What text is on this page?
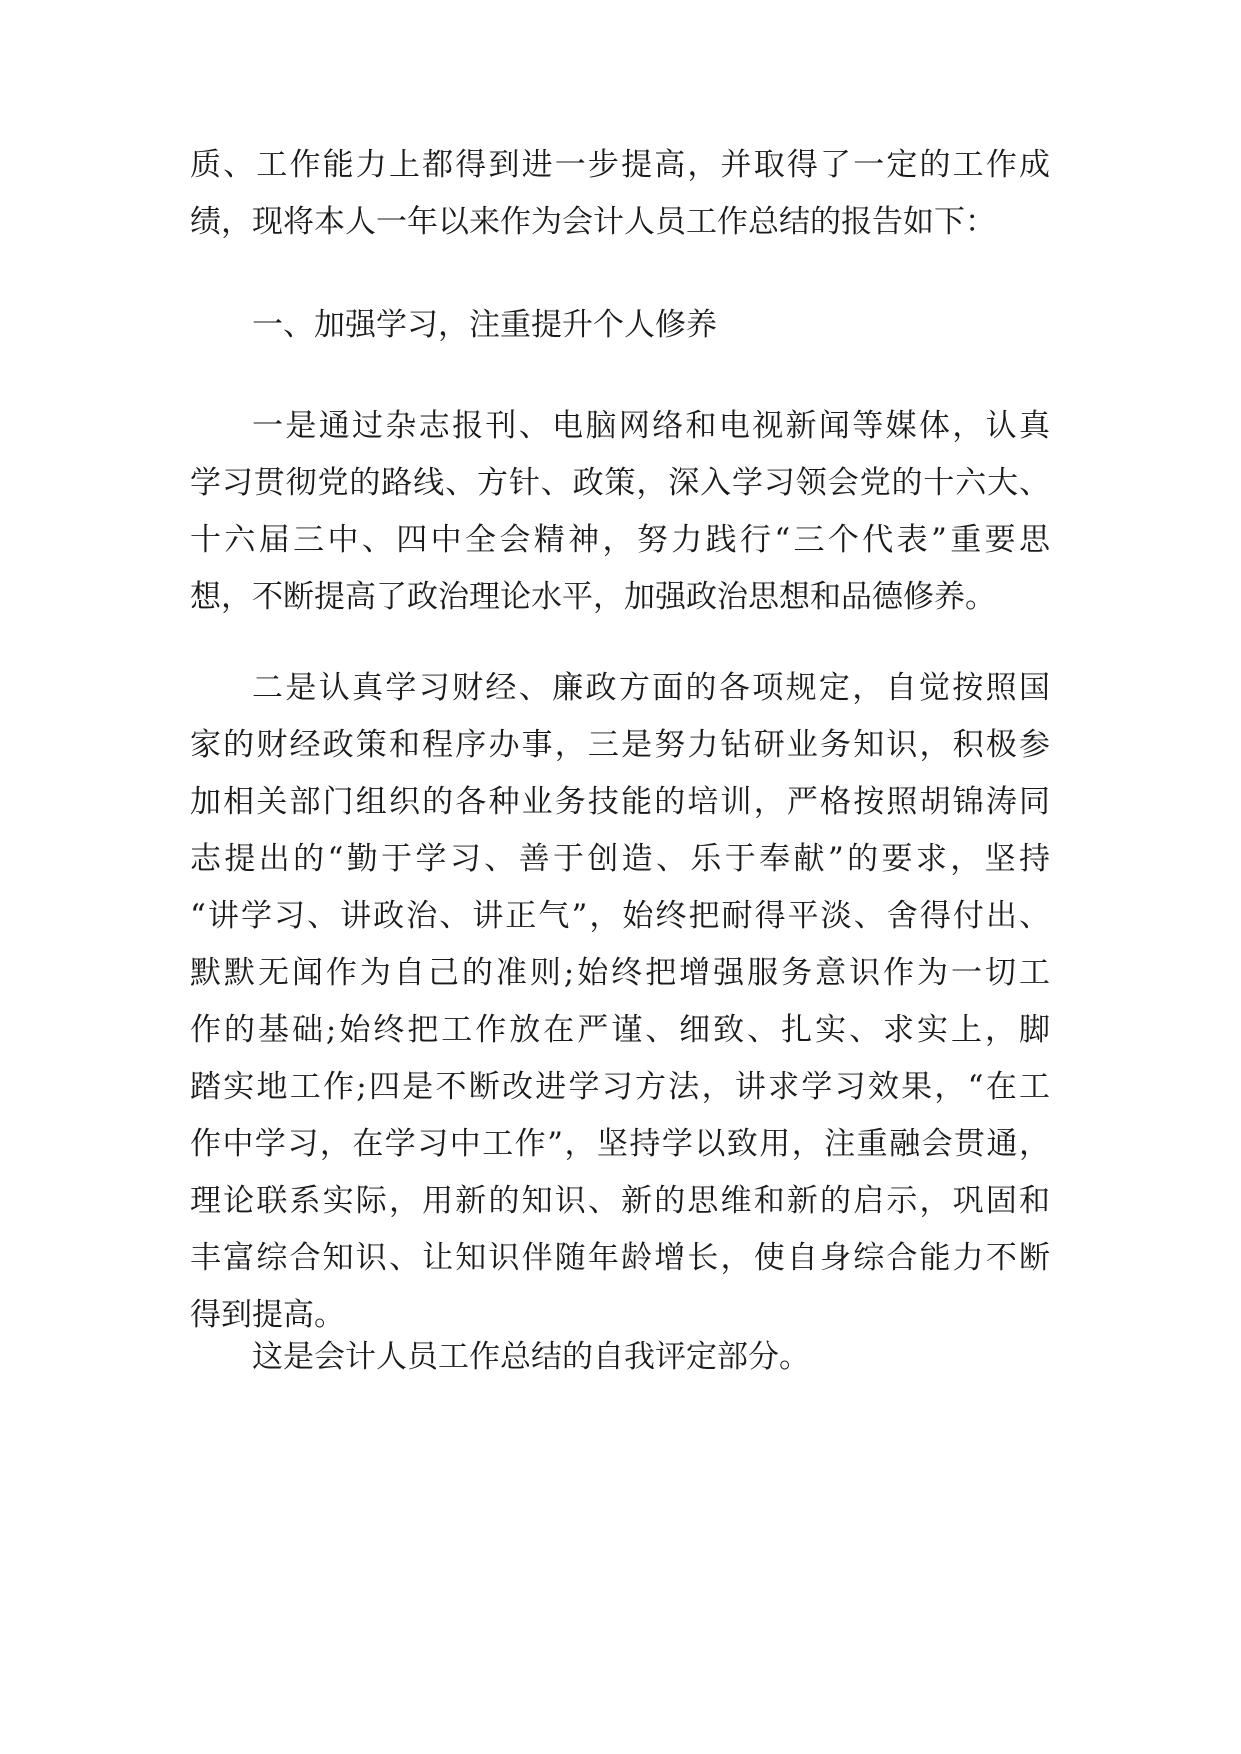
质、工作能力上都得到进一步提高，并取得了一定的工作成
绩，现将本人一年以来作为会计人员工作总结的报告如下：
一、加强学习，注重提升个人修养
一是通过杂志报刊、电脑网络和电视新闻等媒体，认真
学习贯彻党的路线、方针、政策，深入学习领会党的十六大、
十六届三中、四中全会精神，努力践行“三个代表”重要思
想，不断提高了政治理论水平，加强政治思想和品德修养。
二是认真学习财经、廉政方面的各项规定，自觉按照国
家的财经政策和程序办事，三是努力钻研业务知识，积极参
加相关部门组织的各种业务技能的培训，严格按照胡锦涛同
志提出的“勤于学习、善于创造、乐于奉献”的要求，坚持
“讲学习、讲政治、讲正气”，始终把耐得平淡、舍得付出、
默默无闻作为自己的准则;始终把增强服务意识作为一切工
作的基础;始终把工作放在严谨、细致、扎实、求实上，脚
踏实地工作;四是不断改进学习方法，讲求学习效果，“在工
作中学习，在学习中工作”，坚持学以致用，注重融会贯通，
理论联系实际，用新的知识、新的思维和新的启示，巩固和
丰富综合知识、让知识伴随年龄增长，使自身综合能力不断
得到提高。
这是会计人员工作总结的自我评定部分。
